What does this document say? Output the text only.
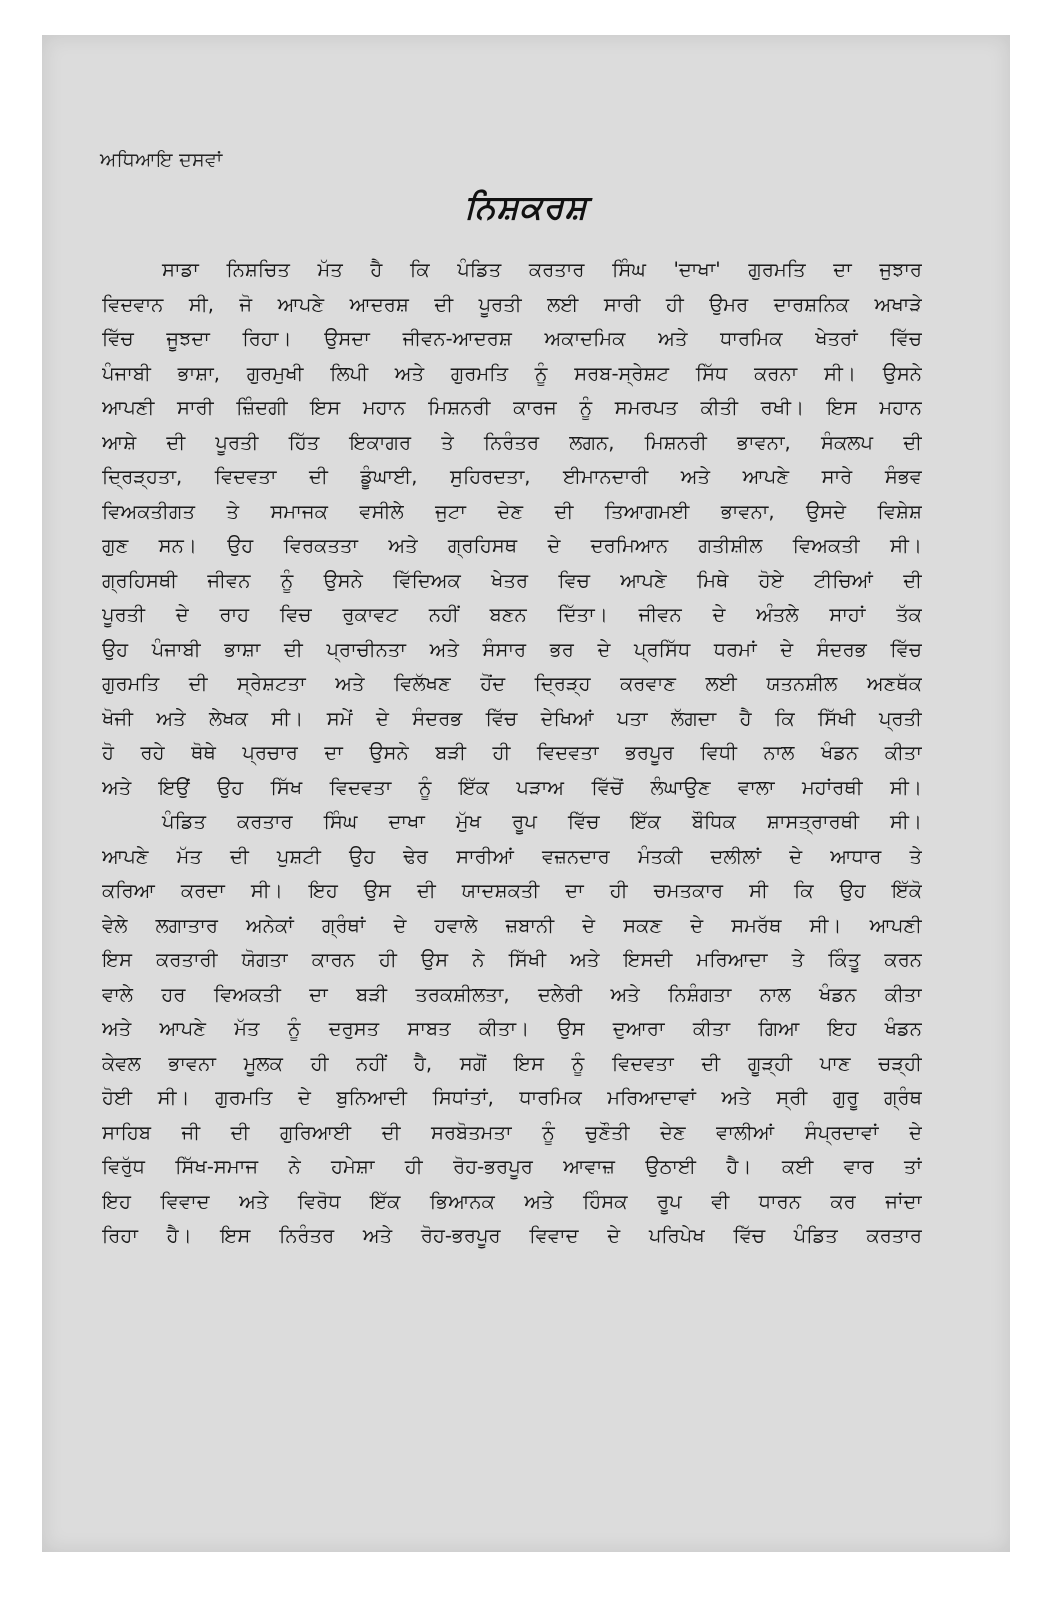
ਅਧਿਆਇ ਦਸਵਾਂ
ਨਿਸ਼ਕਰਸ਼
ਸਾਡਾ ਨਿਸ਼ਚਿਤ ਮੱਤ ਹੈ ਕਿ ਪੰਡਿਤ ਕਰਤਾਰ ਸਿੰਘ 'ਦਾਖਾ' ਗੁਰਮਤਿ ਦਾ ਜੁਝਾਰ
ਵਿਦਵਾਨ ਸੀ, ਜੋ ਆਪਣੇ ਆਦਰਸ਼ ਦੀ ਪੂਰਤੀ ਲਈ ਸਾਰੀ ਹੀ ਉਮਰ ਦਾਰਸ਼ਨਿਕ ਅਖਾੜੇ
ਵਿੱਚ ਜੂਝਦਾ ਰਿਹਾ। ਉਸਦਾ ਜੀਵਨ-ਆਦਰਸ਼ ਅਕਾਦਮਿਕ ਅਤੇ ਧਾਰਮਿਕ ਖੇਤਰਾਂ ਵਿੱਚ
ਪੰਜਾਬੀ ਭਾਸ਼ਾ, ਗੁਰਮੁਖੀ ਲਿਪੀ ਅਤੇ ਗੁਰਮਤਿ ਨੂੰ ਸਰਬ-ਸ੍ਰੇਸ਼ਟ ਸਿੱਧ ਕਰਨਾ ਸੀ। ਉਸਨੇ
ਆਪਣੀ ਸਾਰੀ ਜ਼ਿੰਦਗੀ ਇਸ ਮਹਾਨ ਮਿਸ਼ਨਰੀ ਕਾਰਜ ਨੂੰ ਸਮਰਪਤ ਕੀਤੀ ਰਖੀ। ਇਸ ਮਹਾਨ
ਆਸ਼ੇ ਦੀ ਪੂਰਤੀ ਹਿੱਤ ਇਕਾਗਰ ਤੇ ਨਿਰੰਤਰ ਲਗਨ, ਮਿਸ਼ਨਰੀ ਭਾਵਨਾ, ਸੰਕਲਪ ਦੀ
ਦ੍ਰਿੜ੍ਹਤਾ, ਵਿਦਵਤਾ ਦੀ ਡੂੰਘਾਈ, ਸੁਹਿਰਦਤਾ, ਈਮਾਨਦਾਰੀ ਅਤੇ ਆਪਣੇ ਸਾਰੇ ਸੰਭਵ
ਵਿਅਕਤੀਗਤ ਤੇ ਸਮਾਜਕ ਵਸੀਲੇ ਜੁਟਾ ਦੇਣ ਦੀ ਤਿਆਗਮਈ ਭਾਵਨਾ, ਉਸਦੇ ਵਿਸ਼ੇਸ਼
ਗੁਣ ਸਨ। ਉਹ ਵਿਰਕਤਤਾ ਅਤੇ ਗ੍ਰਹਿਸਥ ਦੇ ਦਰਮਿਆਨ ਗਤੀਸ਼ੀਲ ਵਿਅਕਤੀ ਸੀ।
ਗ੍ਰਹਿਸਥੀ ਜੀਵਨ ਨੂੰ ਉਸਨੇ ਵਿੱਦਿਅਕ ਖੇਤਰ ਵਿਚ ਆਪਣੇ ਮਿਥੇ ਹੋਏ ਟੀਚਿਆਂ ਦੀ
ਪੂਰਤੀ ਦੇ ਰਾਹ ਵਿਚ ਰੁਕਾਵਟ ਨਹੀਂ ਬਣਨ ਦਿੱਤਾ। ਜੀਵਨ ਦੇ ਅੰਤਲੇ ਸਾਹਾਂ ਤੱਕ
ਉਹ ਪੰਜਾਬੀ ਭਾਸ਼ਾ ਦੀ ਪ੍ਰਾਚੀਨਤਾ ਅਤੇ ਸੰਸਾਰ ਭਰ ਦੇ ਪ੍ਰਸਿੱਧ ਧਰਮਾਂ ਦੇ ਸੰਦਰਭ ਵਿੱਚ
ਗੁਰਮਤਿ ਦੀ ਸ੍ਰੇਸ਼ਟਤਾ ਅਤੇ ਵਿਲੱਖਣ ਹੋਂਦ ਦ੍ਰਿੜ੍ਹ ਕਰਵਾਣ ਲਈ ਯਤਨਸ਼ੀਲ ਅਣਥੱਕ
ਖੋਜੀ ਅਤੇ ਲੇਖਕ ਸੀ। ਸਮੇਂ ਦੇ ਸੰਦਰਭ ਵਿੱਚ ਦੇਖਿਆਂ ਪਤਾ ਲੱਗਦਾ ਹੈ ਕਿ ਸਿੱਖੀ ਪ੍ਰਤੀ
ਹੋ ਰਹੇ ਥੋਥੇ ਪ੍ਰਚਾਰ ਦਾ ਉਸਨੇ ਬੜੀ ਹੀ ਵਿਦਵਤਾ ਭਰਪੂਰ ਵਿਧੀ ਨਾਲ ਖੰਡਨ ਕੀਤਾ
ਅਤੇ ਇਉਂ ਉਹ ਸਿੱਖ ਵਿਦਵਤਾ ਨੂੰ ਇੱਕ ਪੜਾਅ ਵਿੱਚੋਂ ਲੰਘਾਉਣ ਵਾਲਾ ਮਹਾਂਰਥੀ ਸੀ।
ਪੰਡਿਤ ਕਰਤਾਰ ਸਿੰਘ ਦਾਖਾ ਮੁੱਖ ਰੂਪ ਵਿੱਚ ਇੱਕ ਬੌਧਿਕ ਸ਼ਾਸਤ੍ਰਾਰਥੀ ਸੀ।
ਆਪਣੇ ਮੱਤ ਦੀ ਪੁਸ਼ਟੀ ਉਹ ਢੇਰ ਸਾਰੀਆਂ ਵਜ਼ਨਦਾਰ ਮੰਤਕੀ ਦਲੀਲਾਂ ਦੇ ਆਧਾਰ ਤੇ
ਕਰਿਆ ਕਰਦਾ ਸੀ। ਇਹ ਉਸ ਦੀ ਯਾਦਸ਼ਕਤੀ ਦਾ ਹੀ ਚਮਤਕਾਰ ਸੀ ਕਿ ਉਹ ਇੱਕੋ
ਵੇਲੇ ਲਗਾਤਾਰ ਅਨੇਕਾਂ ਗ੍ਰੰਥਾਂ ਦੇ ਹਵਾਲੇ ਜ਼ਬਾਨੀ ਦੇ ਸਕਣ ਦੇ ਸਮਰੱਥ ਸੀ। ਆਪਣੀ
ਇਸ ਕਰਤਾਰੀ ਯੋਗਤਾ ਕਾਰਨ ਹੀ ਉਸ ਨੇ ਸਿੱਖੀ ਅਤੇ ਇਸਦੀ ਮਰਿਆਦਾ ਤੇ ਕਿੰਤੂ ਕਰਨ
ਵਾਲੇ ਹਰ ਵਿਅਕਤੀ ਦਾ ਬੜੀ ਤਰਕਸ਼ੀਲਤਾ, ਦਲੇਰੀ ਅਤੇ ਨਿਸ਼ੰਗਤਾ ਨਾਲ ਖੰਡਨ ਕੀਤਾ
ਅਤੇ ਆਪਣੇ ਮੱਤ ਨੂੰ ਦਰੁਸਤ ਸਾਬਤ ਕੀਤਾ। ਉਸ ਦੁਆਰਾ ਕੀਤਾ ਗਿਆ ਇਹ ਖੰਡਨ
ਕੇਵਲ ਭਾਵਨਾ ਮੂਲਕ ਹੀ ਨਹੀਂ ਹੈ, ਸਗੋਂ ਇਸ ਨੂੰ ਵਿਦਵਤਾ ਦੀ ਗੂੜ੍ਹੀ ਪਾਣ ਚੜ੍ਹੀ
ਹੋਈ ਸੀ। ਗੁਰਮਤਿ ਦੇ ਬੁਨਿਆਦੀ ਸਿਧਾਂਤਾਂ, ਧਾਰਮਿਕ ਮਰਿਆਦਾਵਾਂ ਅਤੇ ਸ੍ਰੀ ਗੁਰੂ ਗ੍ਰੰਥ
ਸਾਹਿਬ ਜੀ ਦੀ ਗੁਰਿਆਈ ਦੀ ਸਰਬੋਤਮਤਾ ਨੂੰ ਚੁਣੌਤੀ ਦੇਣ ਵਾਲੀਆਂ ਸੰਪ੍ਰਦਾਵਾਂ ਦੇ
ਵਿਰੁੱਧ ਸਿੱਖ-ਸਮਾਜ ਨੇ ਹਮੇਸ਼ਾ ਹੀ ਰੋਹ-ਭਰਪੂਰ ਆਵਾਜ਼ ਉਠਾਈ ਹੈ। ਕਈ ਵਾਰ ਤਾਂ
ਇਹ ਵਿਵਾਦ ਅਤੇ ਵਿਰੋਧ ਇੱਕ ਭਿਆਨਕ ਅਤੇ ਹਿੰਸਕ ਰੂਪ ਵੀ ਧਾਰਨ ਕਰ ਜਾਂਦਾ
ਰਿਹਾ ਹੈ। ਇਸ ਨਿਰੰਤਰ ਅਤੇ ਰੋਹ-ਭਰਪੂਰ ਵਿਵਾਦ ਦੇ ਪਰਿਪੇਖ ਵਿੱਚ ਪੰਡਿਤ ਕਰਤਾਰ
